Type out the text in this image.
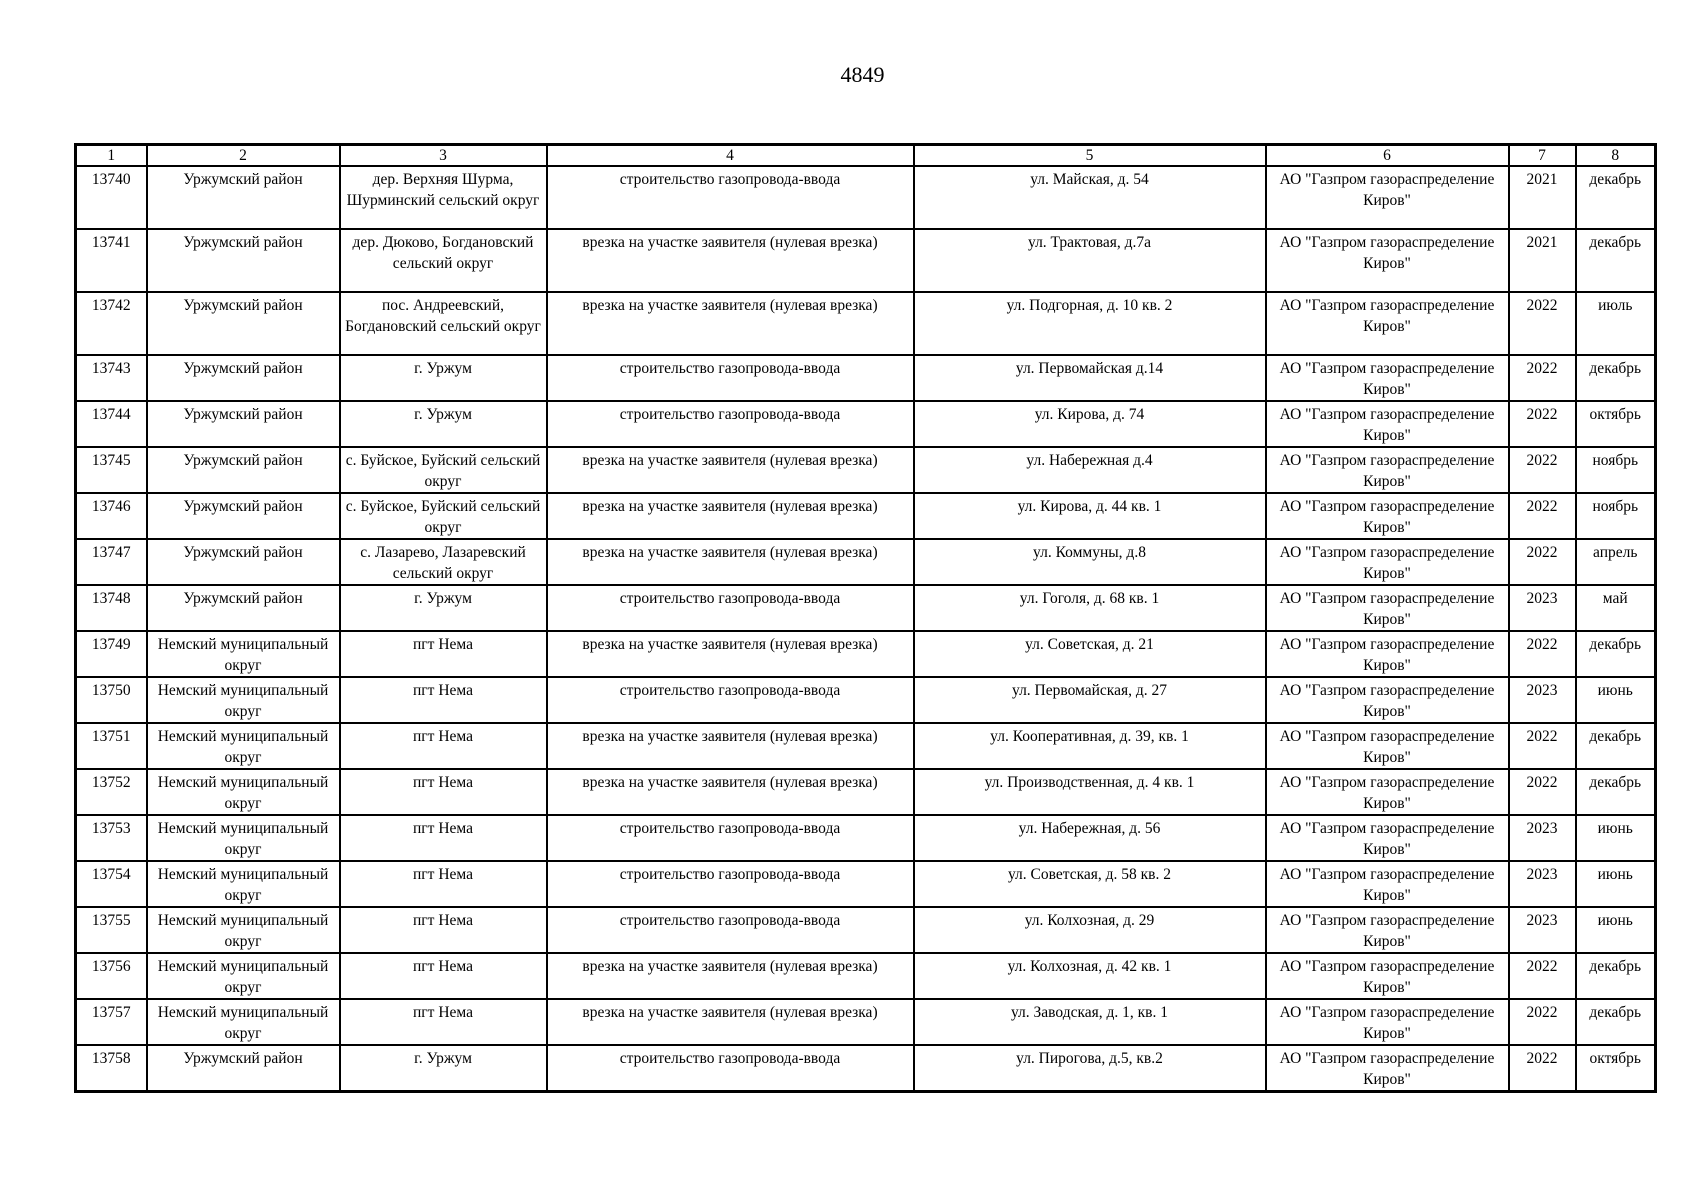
4849
1	2	3	4	5	6	7	8
13740	Уржумский район	дер. Верхняя Шурма, Шурминский сельский округ	строительство газопровода-ввода	ул. Майская, д. 54	АО "Газпром газораспределение Киров"	2021	декабрь
13741	Уржумский район	дер. Дюково, Богдановский сельский округ	врезка на участке заявителя (нулевая врезка)	ул. Трактовая, д.7а	АО "Газпром газораспределение Киров"	2021	декабрь
13742	Уржумский район	пос. Андреевский, Богдановский сельский округ	врезка на участке заявителя (нулевая врезка)	ул. Подгорная, д. 10 кв. 2	АО "Газпром газораспределение Киров"	2022	июль
13743	Уржумский район	г. Уржум	строительство газопровода-ввода	ул. Первомайская д.14	АО "Газпром газораспределение Киров"	2022	декабрь
13744	Уржумский район	г. Уржум	строительство газопровода-ввода	ул. Кирова, д. 74	АО "Газпром газораспределение Киров"	2022	октябрь
13745	Уржумский район	с. Буйское, Буйский сельский округ	врезка на участке заявителя (нулевая врезка)	ул. Набережная д.4	АО "Газпром газораспределение Киров"	2022	ноябрь
13746	Уржумский район	с. Буйское, Буйский сельский округ	врезка на участке заявителя (нулевая врезка)	ул. Кирова, д. 44 кв. 1	АО "Газпром газораспределение Киров"	2022	ноябрь
13747	Уржумский район	с. Лазарево, Лазаревский сельский округ	врезка на участке заявителя (нулевая врезка)	ул. Коммуны, д.8	АО "Газпром газораспределение Киров"	2022	апрель
13748	Уржумский район	г. Уржум	строительство газопровода-ввода	ул. Гоголя, д. 68 кв. 1	АО "Газпром газораспределение Киров"	2023	май
13749	Немский муниципальный округ	пгт Нема	врезка на участке заявителя (нулевая врезка)	ул. Советская, д. 21	АО "Газпром газораспределение Киров"	2022	декабрь
13750	Немский муниципальный округ	пгт Нема	строительство газопровода-ввода	ул. Первомайская, д. 27	АО "Газпром газораспределение Киров"	2023	июнь
13751	Немский муниципальный округ	пгт Нема	врезка на участке заявителя (нулевая врезка)	ул. Кооперативная, д. 39, кв. 1	АО "Газпром газораспределение Киров"	2022	декабрь
13752	Немский муниципальный округ	пгт Нема	врезка на участке заявителя (нулевая врезка)	ул. Производственная, д. 4 кв. 1	АО "Газпром газораспределение Киров"	2022	декабрь
13753	Немский муниципальный округ	пгт Нема	строительство газопровода-ввода	ул. Набережная, д. 56	АО "Газпром газораспределение Киров"	2023	июнь
13754	Немский муниципальный округ	пгт Нема	строительство газопровода-ввода	ул. Советская, д. 58 кв. 2	АО "Газпром газораспределение Киров"	2023	июнь
13755	Немский муниципальный округ	пгт Нема	строительство газопровода-ввода	ул. Колхозная, д. 29	АО "Газпром газораспределение Киров"	2023	июнь
13756	Немский муниципальный округ	пгт Нема	врезка на участке заявителя (нулевая врезка)	ул. Колхозная, д. 42 кв. 1	АО "Газпром газораспределение Киров"	2022	декабрь
13757	Немский муниципальный округ	пгт Нема	врезка на участке заявителя (нулевая врезка)	ул. Заводская, д. 1, кв. 1	АО "Газпром газораспределение Киров"	2022	декабрь
13758	Уржумский район	г. Уржум	строительство газопровода-ввода	ул. Пирогова, д.5, кв.2	АО "Газпром газораспределение Киров"	2022	октябрь
